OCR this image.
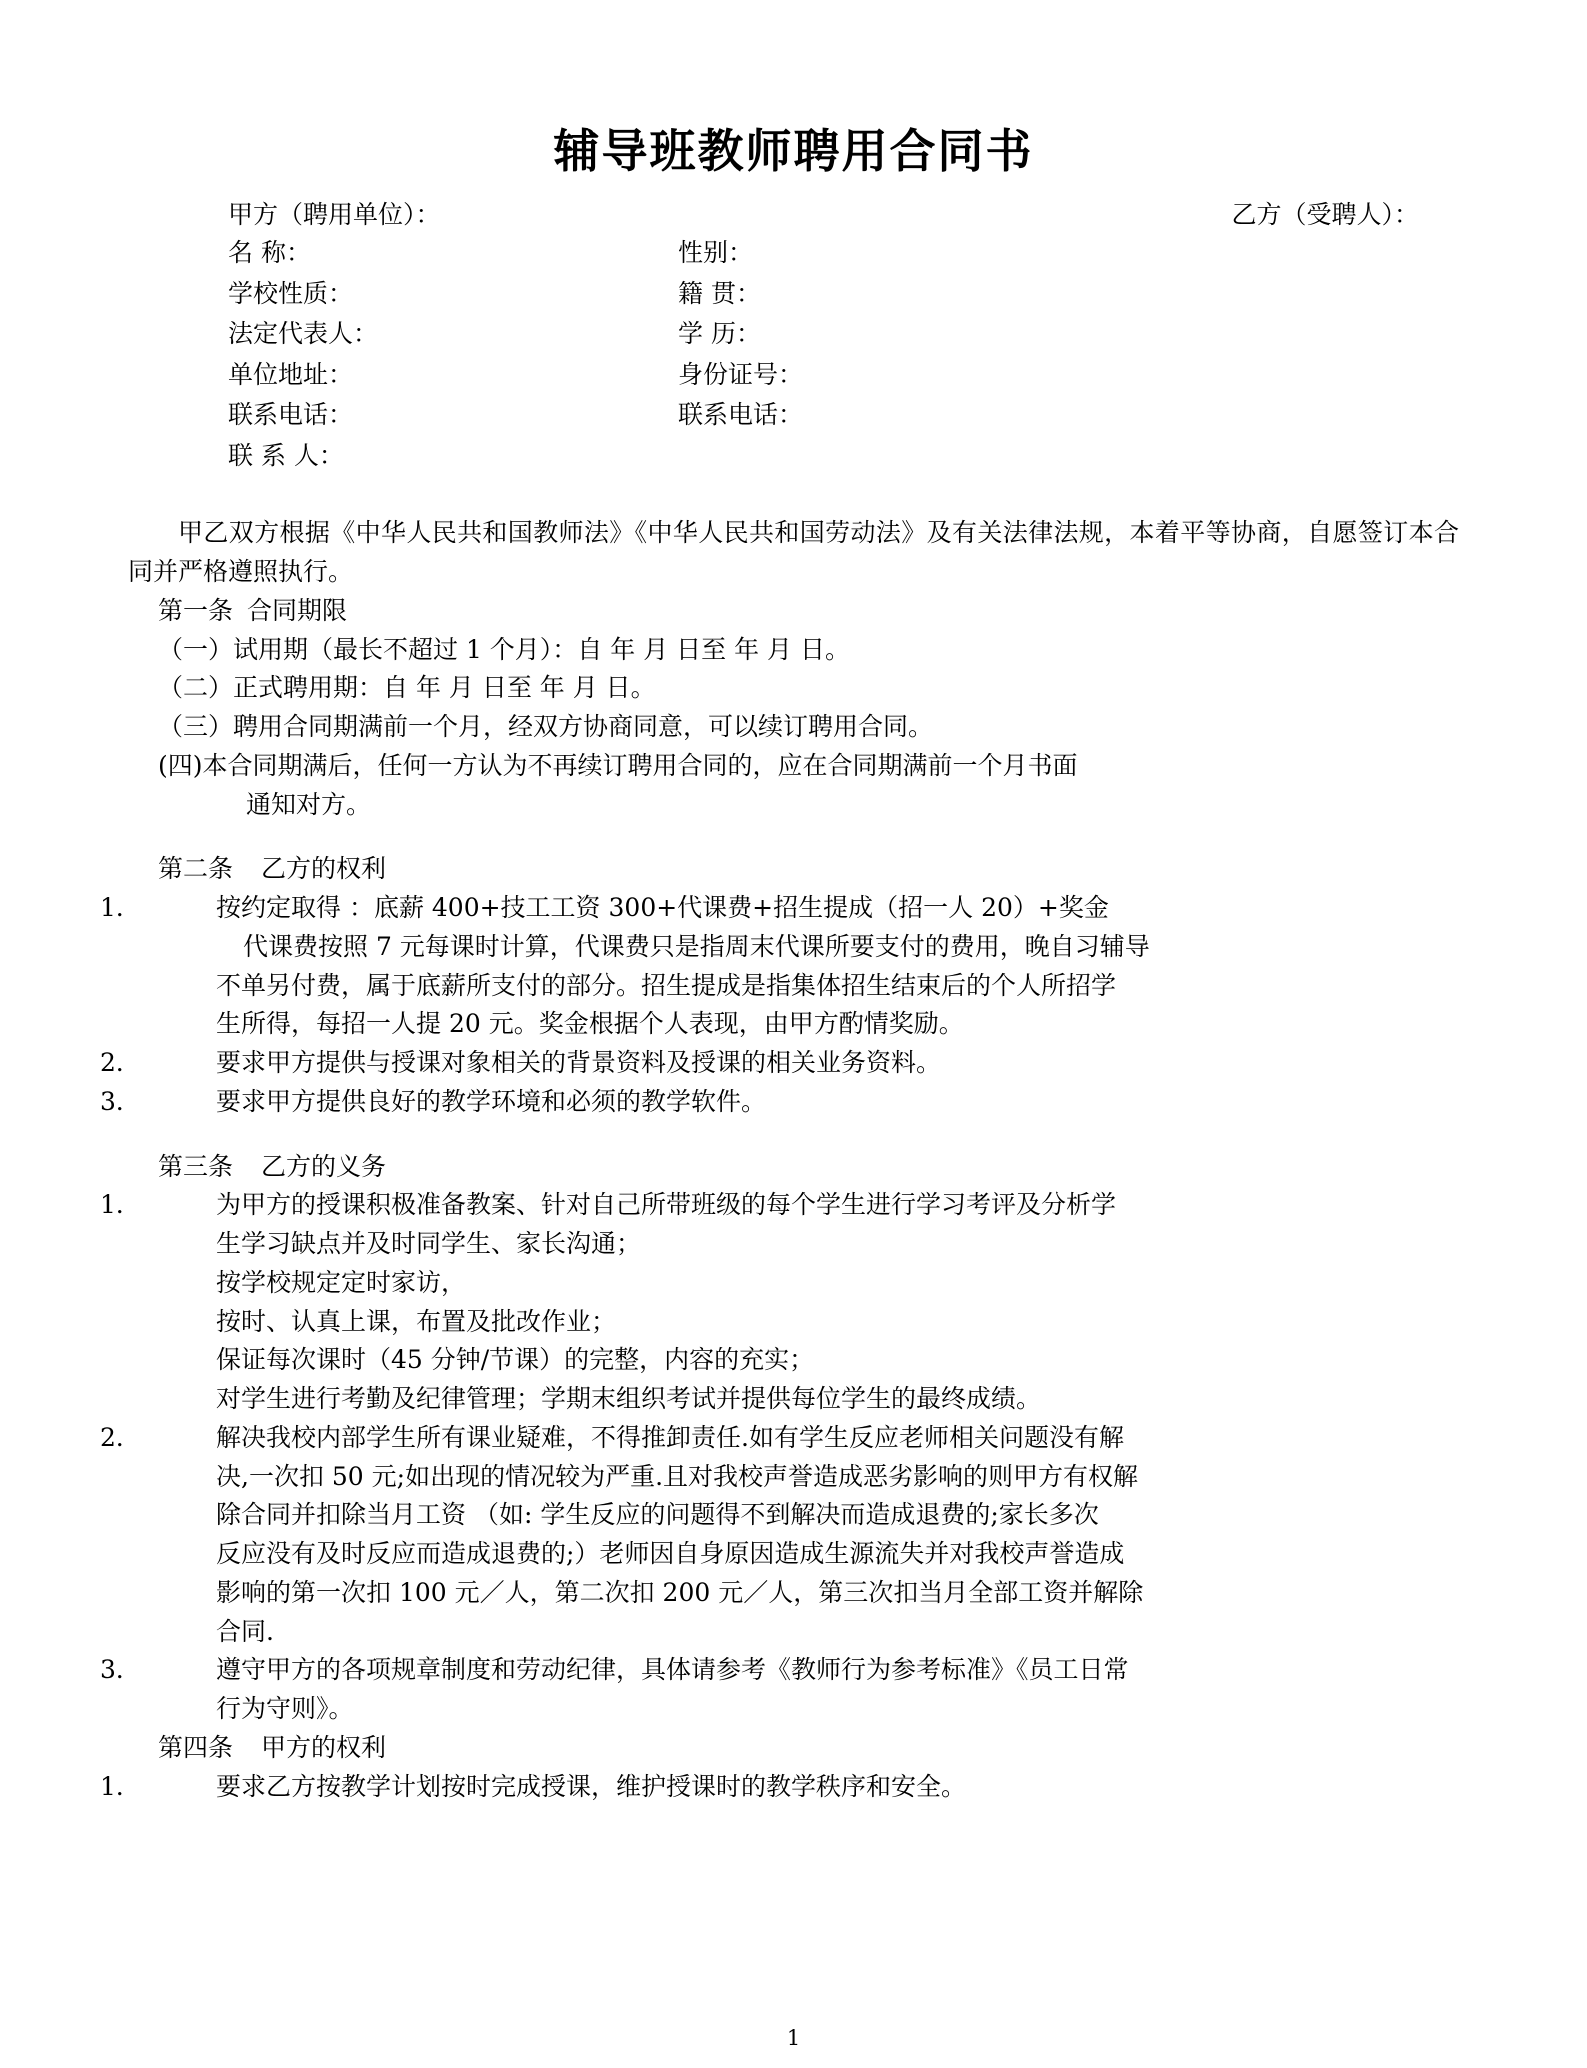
辅导班教师聘用合同书
甲方（聘用单位）：	乙方（受聘人）：
名 称：	性别：
学校性质：	籍 贯：
法定代表人：	学 历：
单位地址：	身份证号：
联系电话：	联系电话：
联 系 人：

甲乙双方根据《中华人民共和国教师法》《中华人民共和国劳动法》及有关法律法规，本着平等协商，自愿签订本合同并严格遵照执行。

第一条 合同期限

（一）试用期（最长不超过 1 个月）：自 年 月 日至 年 月 日。

（二）正式聘用期：自 年 月 日至 年 月 日。

（三）聘用合同期满前一个月，经双方协商同意，可以续订聘用合同。

(四)本合同期满后，任何一方认为不再续订聘用合同的，应在合同期满前一个月书面

通知对方。

第二条 乙方的权利

1．	按约定取得 ：底薪 400+技工工资 300+代课费+招生提成（招一人 20）+奖金

代课费按照 7 元每课时计算，代课费只是指周末代课所要支付的费用，晚自习辅导

不单另付费，属于底薪所支付的部分。招生提成是指集体招生结束后的个人所招学

生所得，每招一人提 20 元。奖金根据个人表现，由甲方酌情奖励。

2．	要求甲方提供与授课对象相关的背景资料及授课的相关业务资料。

3．	要求甲方提供良好的教学环境和必须的教学软件。

第三条 乙方的义务

1．	为甲方的授课积极准备教案、针对自己所带班级的每个学生进行学习考评及分析学

生学习缺点并及时同学生、家长沟通；

按学校规定定时家访，

按时、认真上课，布置及批改作业；

保证每次课时（45 分钟/节课）的完整，内容的充实；

对学生进行考勤及纪律管理；学期末组织考试并提供每位学生的最终成绩。

2．	解决我校内部学生所有课业疑难，不得推卸责任.如有学生反应老师相关问题没有解

决,一次扣 50 元;如出现的情况较为严重.且对我校声誉造成恶劣影响的则甲方有权解

除合同并扣除当月工资 （如: 学生反应的问题得不到解决而造成退费的;家长多次

反应没有及时反应而造成退费的;）老师因自身原因造成生源流失并对我校声誉造成

影响的第一次扣 100 元／人，第二次扣 200 元／人，第三次扣当月全部工资并解除

合同.

3．	遵守甲方的各项规章制度和劳动纪律，具体请参考《教师行为参考标准》《员工日常

行为守则》。

第四条 甲方的权利

1．	要求乙方按教学计划按时完成授课，维护授课时的教学秩序和安全。

1
